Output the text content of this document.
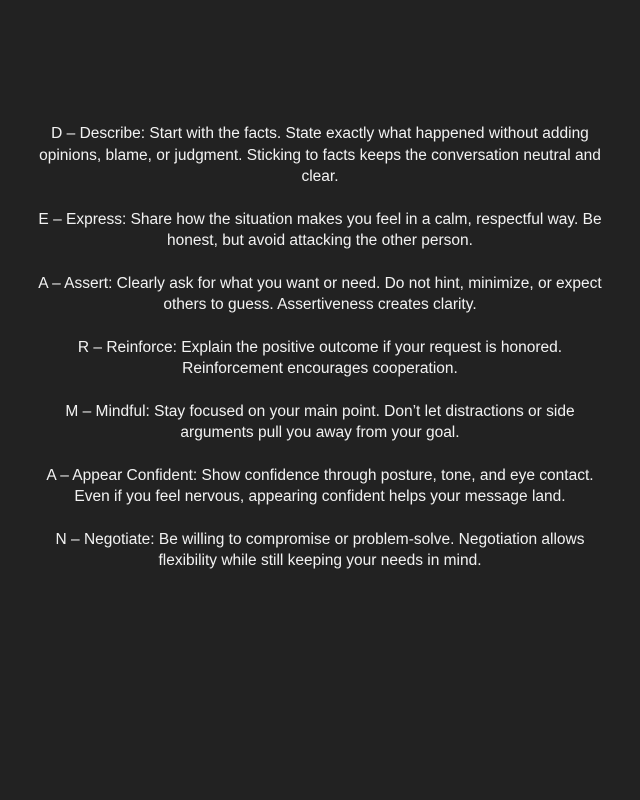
D – Describe: Start with the facts. State exactly what happened without adding opinions, blame, or judgment. Sticking to facts keeps the conversation neutral and clear.

E – Express: Share how the situation makes you feel in a calm, respectful way. Be honest, but avoid attacking the other person.

A – Assert: Clearly ask for what you want or need. Do not hint, minimize, or expect others to guess. Assertiveness creates clarity.

R – Reinforce: Explain the positive outcome if your request is honored. Reinforcement encourages cooperation.

M – Mindful: Stay focused on your main point. Don’t let distractions or side arguments pull you away from your goal.

A – Appear Confident: Show confidence through posture, tone, and eye contact. Even if you feel nervous, appearing confident helps your message land.

N – Negotiate: Be willing to compromise or problem-solve. Negotiation allows flexibility while still keeping your needs in mind.
